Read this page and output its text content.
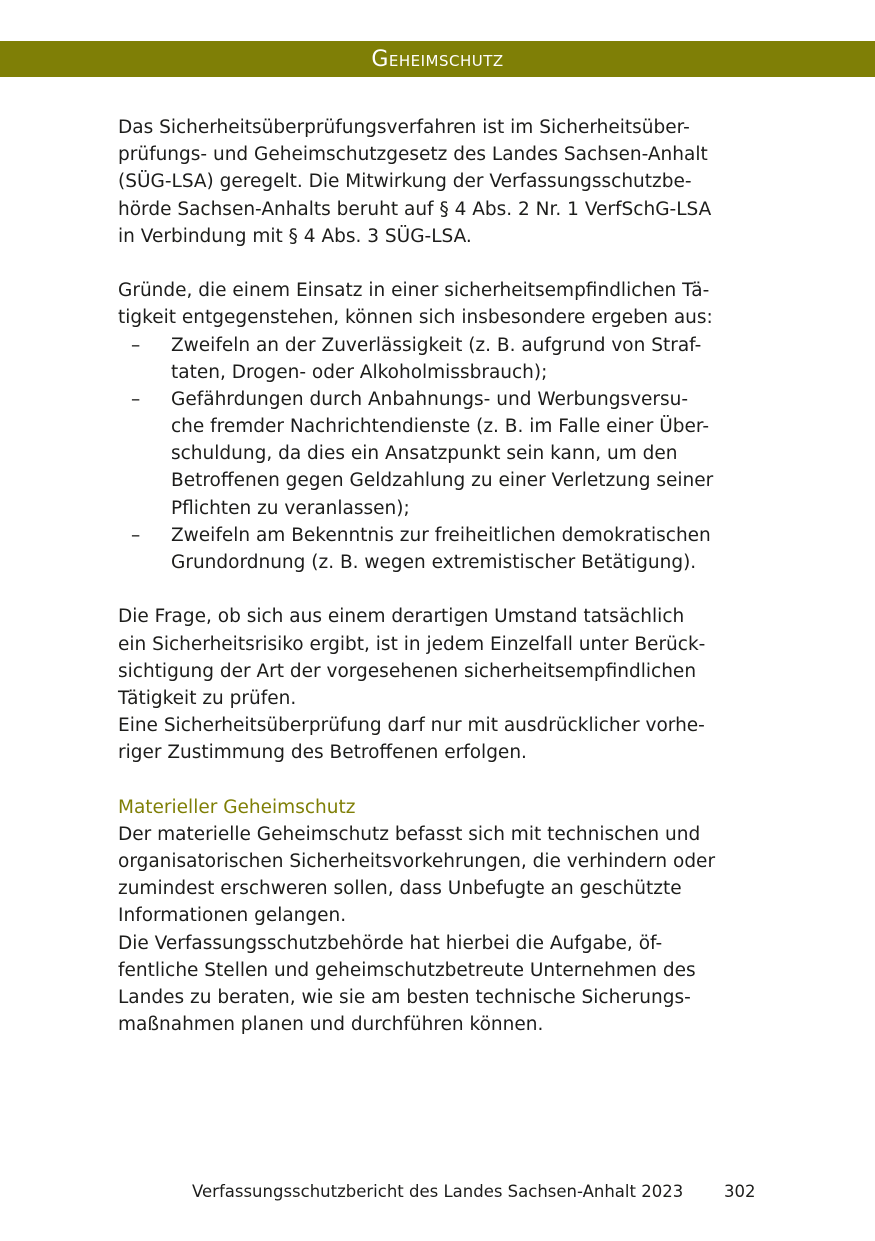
Geheimschutz
Das Sicherheitsüberprüfungsverfahren ist im Sicherheitsüber-
prüfungs- und Geheimschutzgesetz des Landes Sachsen-Anhalt
(SÜG-LSA) geregelt. Die Mitwirkung der Verfassungsschutzbe-
hörde Sachsen-Anhalts beruht auf § 4 Abs. 2 Nr. 1 VerfSchG-LSA
in Verbindung mit § 4 Abs. 3 SÜG-LSA.
Gründe, die einem Einsatz in einer sicherheitsempfindlichen Tä-
tigkeit entgegenstehen, können sich insbesondere ergeben aus:
– Zweifeln an der Zuverlässigkeit (z. B. aufgrund von Straf-
taten, Drogen- oder Alkoholmissbrauch);
– Gefährdungen durch Anbahnungs- und Werbungsversu-
che fremder Nachrichtendienste (z. B. im Falle einer Über-
schuldung, da dies ein Ansatzpunkt sein kann, um den
Betroffenen gegen Geldzahlung zu einer Verletzung seiner
Pflichten zu veranlassen);
– Zweifeln am Bekenntnis zur freiheitlichen demokratischen
Grundordnung (z. B. wegen extremistischer Betätigung).
Die Frage, ob sich aus einem derartigen Umstand tatsächlich
ein Sicherheitsrisiko ergibt, ist in jedem Einzelfall unter Berück-
sichtigung der Art der vorgesehenen sicherheitsempfindlichen
Tätigkeit zu prüfen.
Eine Sicherheitsüberprüfung darf nur mit ausdrücklicher vorhe-
riger Zustimmung des Betroffenen erfolgen.
Materieller Geheimschutz
Der materielle Geheimschutz befasst sich mit technischen und
organisatorischen Sicherheitsvorkehrungen, die verhindern oder
zumindest erschweren sollen, dass Unbefugte an geschützte
Informationen gelangen.
Die Verfassungsschutzbehörde hat hierbei die Aufgabe, öf-
fentliche Stellen und geheimschutzbetreute Unternehmen des
Landes zu beraten, wie sie am besten technische Sicherungs-
maßnahmen planen und durchführen können.
Verfassungsschutzbericht des Landes Sachsen-Anhalt 2023 302
